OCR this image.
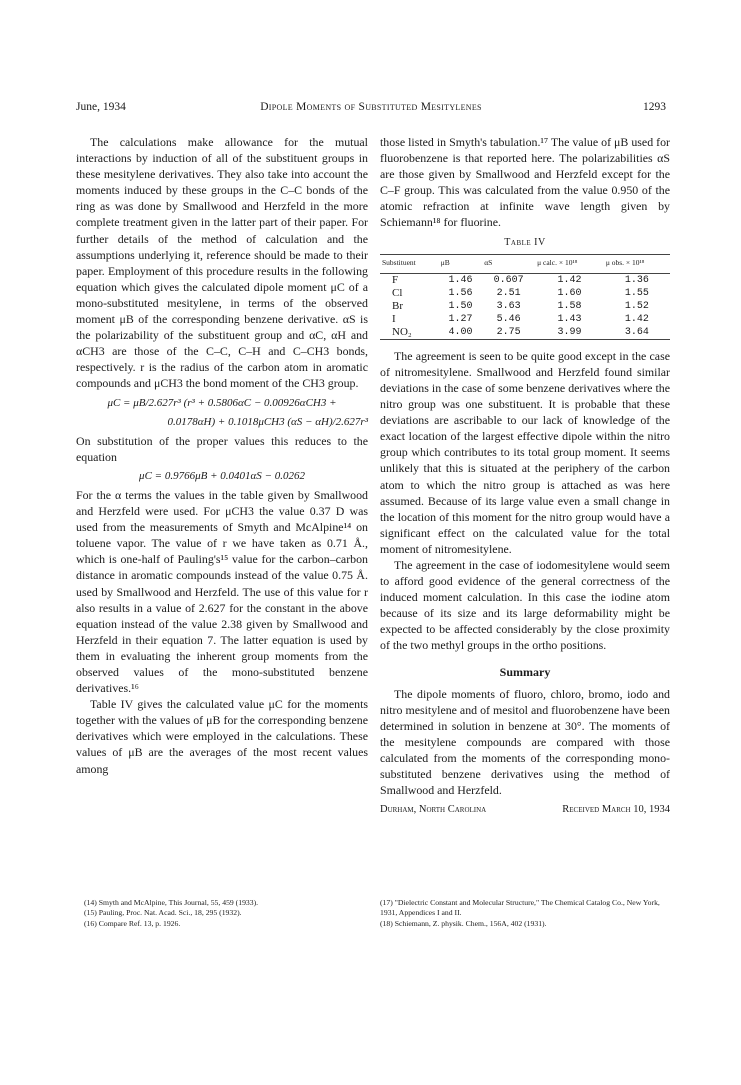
June, 1934	Dipole Moments of Substituted Mesitylenes	1293

The calculations make allowance for the mutual interactions by induction of all of the substituent groups in these mesitylene derivatives. They also take into account the moments induced by these groups in the C–C bonds of the ring as was done by Smallwood and Herzfeld in the more complete treatment given in the latter part of their paper. For further details of the method of calculation and the assumptions underlying it, reference should be made to their paper. Employment of this procedure results in the following equation which gives the calculated dipole moment μC of a mono-substituted mesitylene, in terms of the observed moment μB of the corresponding benzene derivative. αS is the polarizability of the substituent group and αC, αH and αCH3 are those of the C–C, C–H and C–CH3 bonds, respectively. r is the radius of the carbon atom in aromatic compounds and μCH3 the bond moment of the CH3 group.

μC = μB/2.627r³ (r³ + 0.5806αC − 0.00926αCH3 +
0.0178αH) + 0.1018μCH3 (αS − αH)/2.627r³

On substitution of the proper values this reduces to the equation

μC = 0.9766μB + 0.0401αS − 0.0262

For the α terms the values in the table given by Smallwood and Herzfeld were used. For μCH3 the value 0.37 D was used from the measurements of Smyth and McAlpine¹⁴ on toluene vapor. The value of r we have taken as 0.71 Å., which is one-half of Pauling's¹⁵ value for the carbon–carbon distance in aromatic compounds instead of the value 0.75 Å. used by Smallwood and Herzfeld. The use of this value for r also results in a value of 2.627 for the constant in the above equation instead of the value 2.38 given by Smallwood and Herzfeld in their equation 7. The latter equation is used by them in evaluating the inherent group moments from the observed values of the mono-substituted benzene derivatives.¹⁶

Table IV gives the calculated value μC for the moments together with the values of μB for the corresponding benzene derivatives which were employed in the calculations. These values of μB are the averages of the most recent values among

those listed in Smyth's tabulation.¹⁷ The value of μB used for fluorobenzene is that reported here. The polarizabilities αS are those given by Smallwood and Herzfeld except for the C–F group. This was calculated from the value 0.950 of the atomic refraction at infinite wave length given by Schiemann¹⁸ for fluorine.

Table IV
Substituent	μB	αS	μ calc. × 10¹⁸	μ obs. × 10¹⁸
F	1.46	0.607	1.42	1.36
Cl	1.56	2.51	1.60	1.55
Br	1.50	3.63	1.58	1.52
I	1.27	5.46	1.43	1.42
NO₂	4.00	2.75	3.99	3.64

The agreement is seen to be quite good except in the case of nitromesitylene. Smallwood and Herzfeld found similar deviations in the case of some benzene derivatives where the nitro group was one substituent. It is probable that these deviations are ascribable to our lack of knowledge of the exact location of the largest effective dipole within the nitro group which contributes to its total group moment. It seems unlikely that this is situated at the periphery of the carbon atom to which the nitro group is attached as was here assumed. Because of its large value even a small change in the location of this moment for the nitro group would have a significant effect on the calculated value for the total moment of nitromesitylene.

The agreement in the case of iodomesitylene would seem to afford good evidence of the general correctness of the induced moment calculation. In this case the iodine atom because of its size and its large deformability might be expected to be affected considerably by the close proximity of the two methyl groups in the ortho positions.

Summary

The dipole moments of fluoro, chloro, bromo, iodo and nitro mesitylene and of mesitol and fluorobenzene have been determined in solution in benzene at 30°. The moments of the mesitylene compounds are compared with those calculated from the moments of the corresponding mono-substituted benzene derivatives using the method of Smallwood and Herzfeld.

Durham, North Carolina	Received March 10, 1934
(14) Smyth and McAlpine, This Journal, 55, 459 (1933).
(15) Pauling, Proc. Nat. Acad. Sci., 18, 295 (1932).
(16) Compare Ref. 13, p. 1926.
(17) "Dielectric Constant and Molecular Structure," The Chemical Catalog Co., New York, 1931, Appendices I and II.
(18) Schiemann, Z. physik. Chem., 156A, 402 (1931).
